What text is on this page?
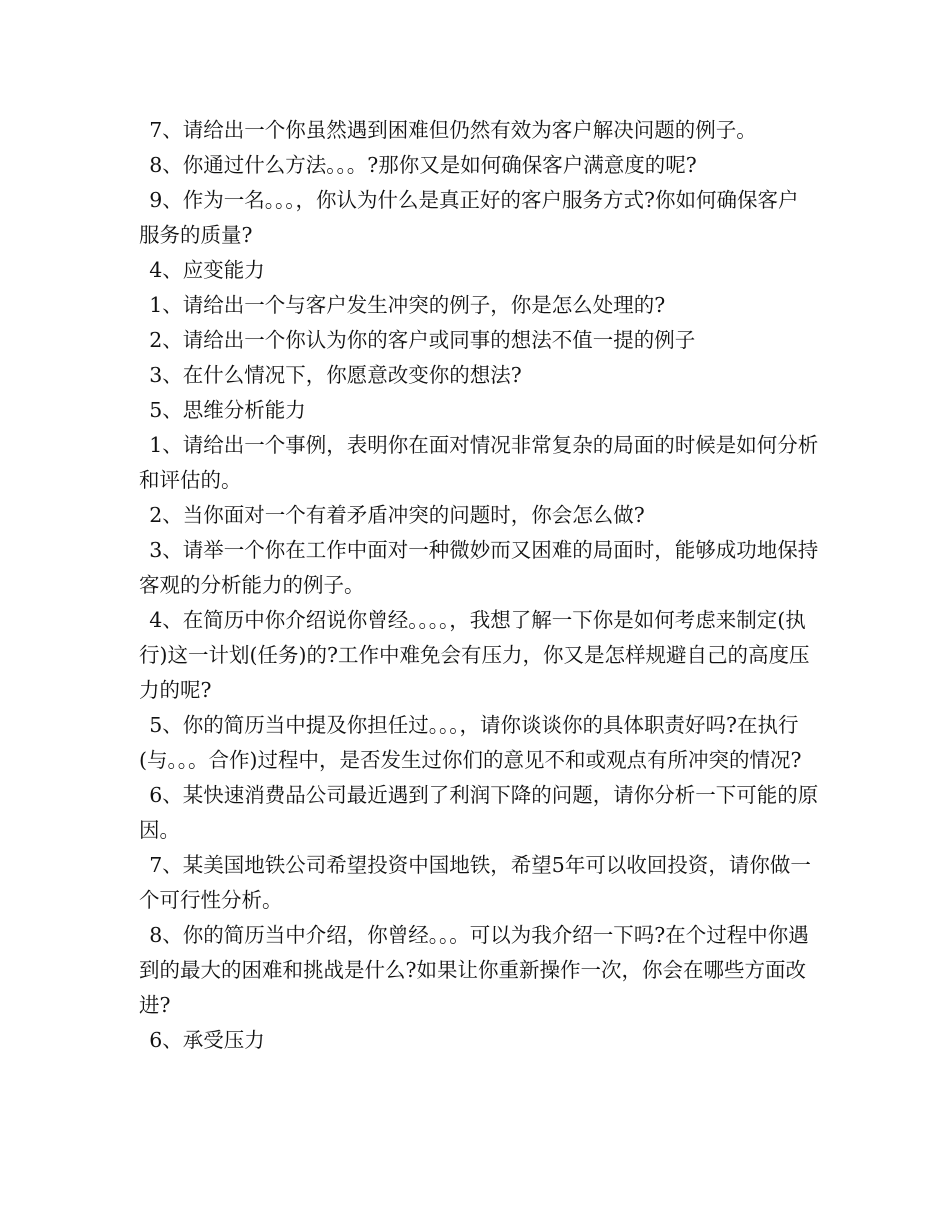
7、请给出一个你虽然遇到困难但仍然有效为客户解决问题的例子。

8、你通过什么方法。。。?那你又是如何确保客户满意度的呢?

9、作为一名。。。，你认为什么是真正好的客户服务方式?你如何确保客户服务的质量?

4、应变能力

1、请给出一个与客户发生冲突的例子，你是怎么处理的?

2、请给出一个你认为你的客户或同事的想法不值一提的例子

3、在什么情况下，你愿意改变你的想法?

5、思维分析能力

1、请给出一个事例，表明你在面对情况非常复杂的局面的时候是如何分析和评估的。

2、当你面对一个有着矛盾冲突的问题时，你会怎么做?

3、请举一个你在工作中面对一种微妙而又困难的局面时，能够成功地保持客观的分析能力的例子。

4、在简历中你介绍说你曾经。。。。，我想了解一下你是如何考虑来制定(执行)这一计划(任务)的?工作中难免会有压力，你又是怎样规避自己的高度压力的呢?

5、你的简历当中提及你担任过。。。，请你谈谈你的具体职责好吗?在执行(与。。。合作)过程中，是否发生过你们的意见不和或观点有所冲突的情况?

6、某快速消费品公司最近遇到了利润下降的问题，请你分析一下可能的原因。

7、某美国地铁公司希望投资中国地铁，希望5年可以收回投资，请你做一个可行性分析。

8、你的简历当中介绍，你曾经。。。可以为我介绍一下吗?在个过程中你遇到的最大的困难和挑战是什么?如果让你重新操作一次，你会在哪些方面改进?

6、承受压力
